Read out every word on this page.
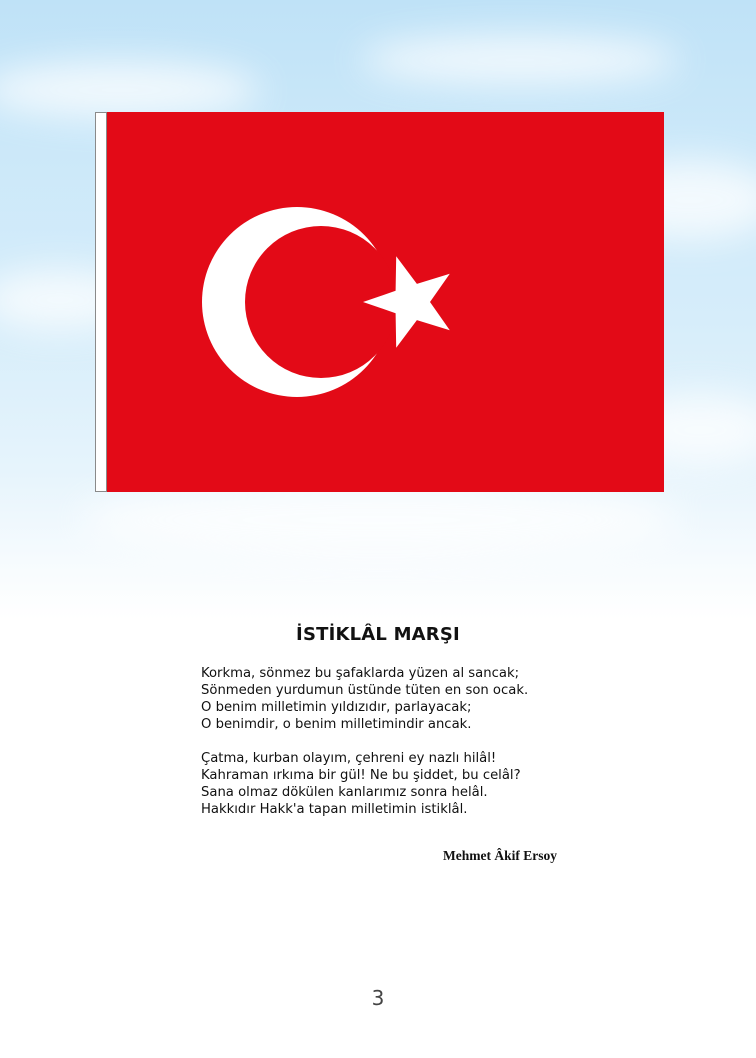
İSTİKLÂL MARŞI
Korkma, sönmez bu şafaklarda yüzen al sancak;
Sönmeden yurdumun üstünde tüten en son ocak.
O benim milletimin yıldızıdır, parlayacak;
O benimdir, o benim milletimindir ancak.
Çatma, kurban olayım, çehreni ey nazlı hilâl!
Kahraman ırkıma bir gül! Ne bu şiddet, bu celâl?
Sana olmaz dökülen kanlarımız sonra helâl.
Hakkıdır Hakk'a tapan milletimin istiklâl.
Mehmet Âkif Ersoy
3
